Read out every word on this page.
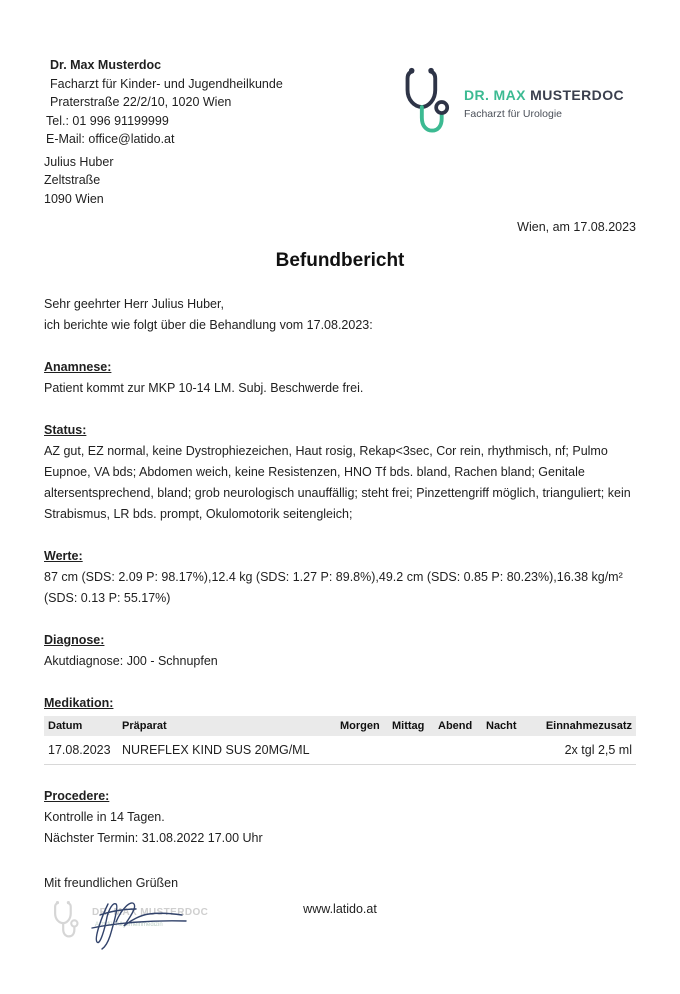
Dr. Max Musterdoc
Facharzt für Kinder- und Jugendheilkunde
Praterstraße 22/2/10, 1020 Wien
Tel.: 01 996 91199999
E-Mail: office@latido.at
Julius Huber
Zeltstraße
1090 Wien
DR. MAX MUSTERDOC
Facharzt für Urologie
Wien, am 17.08.2023
Befundbericht
Sehr geehrter Herr Julius Huber,
ich berichte wie folgt über die Behandlung vom 17.08.2023:
Anamnese:
Patient kommt zur MKP 10-14 LM. Subj. Beschwerde frei.
Status:
AZ gut, EZ normal, keine Dystrophiezeichen, Haut rosig, Rekap<3sec, Cor rein, rhythmisch, nf; Pulmo Eupnoe, VA bds; Abdomen weich, keine Resistenzen, HNO Tf bds. bland, Rachen bland; Genitale altersentsprechend, bland; grob neurologisch unauffällig; steht frei; Pinzettengriff möglich, trianguliert; kein Strabismus, LR bds. prompt, Okulomotorik seitengleich;
Werte:
87 cm (SDS: 2.09 P: 98.17%),12.4 kg (SDS: 1.27 P: 89.8%),49.2 cm (SDS: 0.85 P: 80.23%),16.38 kg/m² (SDS: 0.13 P: 55.17%)
Diagnose:
Akutdiagnose: J00 - Schnupfen
Medikation:
Datum	Präparat	Morgen	Mittag	Abend	Nacht	Einnahmezusatz
17.08.2023	NUREFLEX KIND SUS 20MG/ML					2x tgl 2,5 ml
Procedere:
Kontrolle in 14 Tagen.
Nächster Termin: 31.08.2022 17.00 Uhr
Mit freundlichen Grüßen
DR. MAX MUSTERDOC
Arzt für Allgemeinmedizin
www.latido.at
